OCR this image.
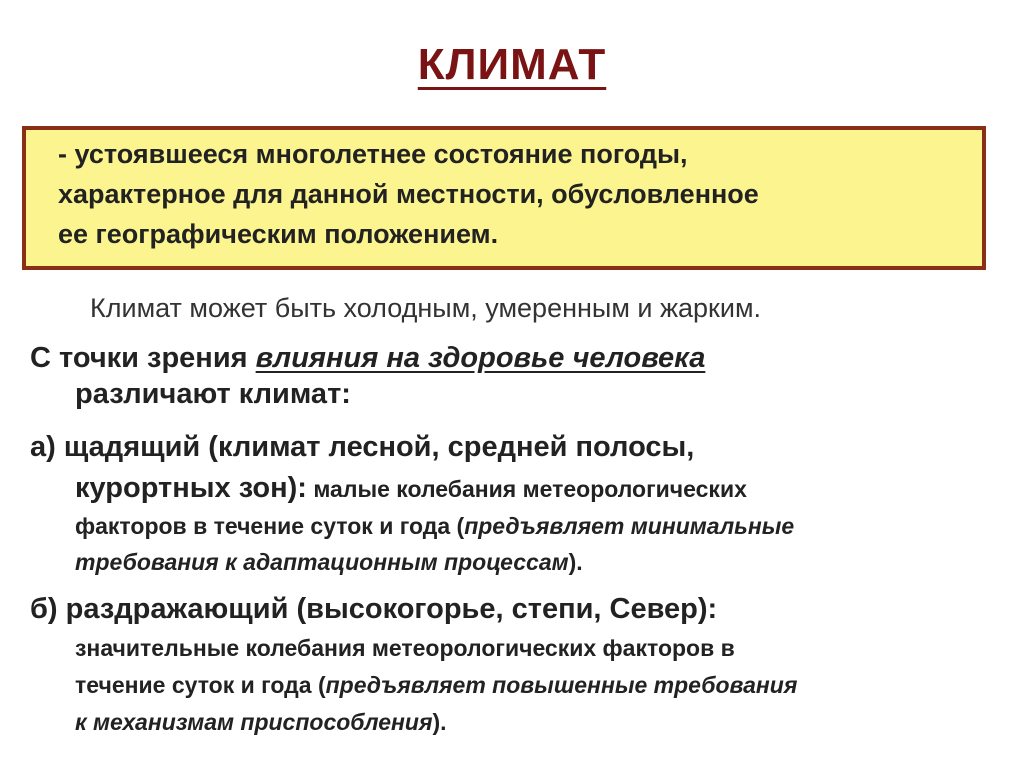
КЛИМАТ
- устоявшееся многолетнее состояние погоды,
характерное для данной местности, обусловленное
ее географическим положением.
Климат может быть холодным, умеренным и жарким.
С точки зрения влияния на здоровье человека
различают климат:
а) щадящий (климат лесной, средней полосы,
курортных зон): малые колебания метеорологических
факторов в течение суток и года (предъявляет минимальные
требования к адаптационным процессам).
б) раздражающий (высокогорье, степи, Север):
значительные колебания метеорологических факторов в
течение суток и года (предъявляет повышенные требования
к механизмам приспособления).
